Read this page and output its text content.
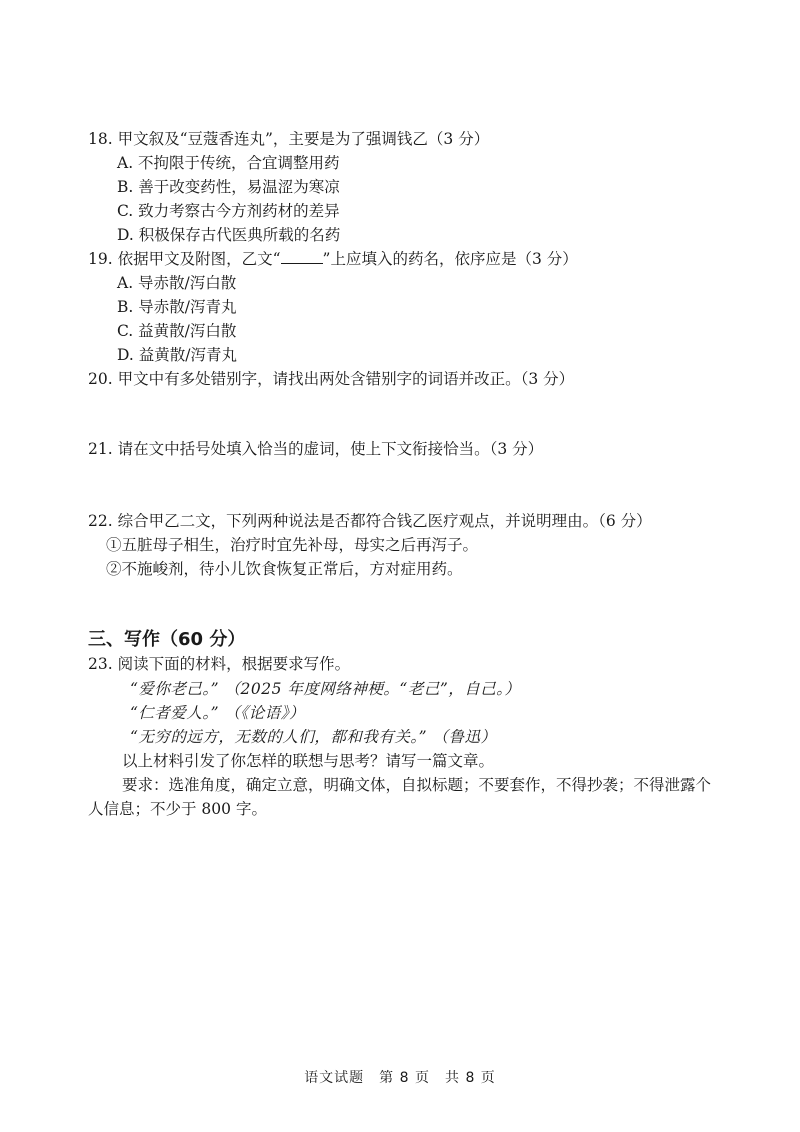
18. 甲文叙及“豆蔻香连丸”，主要是为了强调钱乙（3 分）
A. 不拘限于传统，合宜调整用药
B. 善于改变药性，易温涩为寒凉
C. 致力考察古今方剂药材的差异
D. 积极保存古代医典所载的名药
19. 依据甲文及附图，乙文“	”上应填入的药名，依序应是（3 分）
A. 导赤散/泻白散
B. 导赤散/泻青丸
C. 益黄散/泻白散
D. 益黄散/泻青丸
20. 甲文中有多处错别字，请找出两处含错别字的词语并改正。（3 分）
21. 请在文中括号处填入恰当的虚词，使上下文衔接恰当。（3 分）
22. 综合甲乙二文，下列两种说法是否都符合钱乙医疗观点，并说明理由。（6 分）
①五脏母子相生，治疗时宜先补母，母实之后再泻子。
②不施峻剂，待小儿饮食恢复正常后，方对症用药。
三、写作（60 分）
23. 阅读下面的材料，根据要求写作。
“爱你老己。” （2025 年度网络神梗。“老己”，自己。）
“仁者爱人。” （《论语》）
“无穷的远方，无数的人们，都和我有关。” （鲁迅）
以上材料引发了你怎样的联想与思考？请写一篇文章。
要求：选准角度，确定立意，明确文体，自拟标题；不要套作，不得抄袭；不得泄露个
人信息；不少于 800 字。
语文试题　第 8 页　共 8 页
